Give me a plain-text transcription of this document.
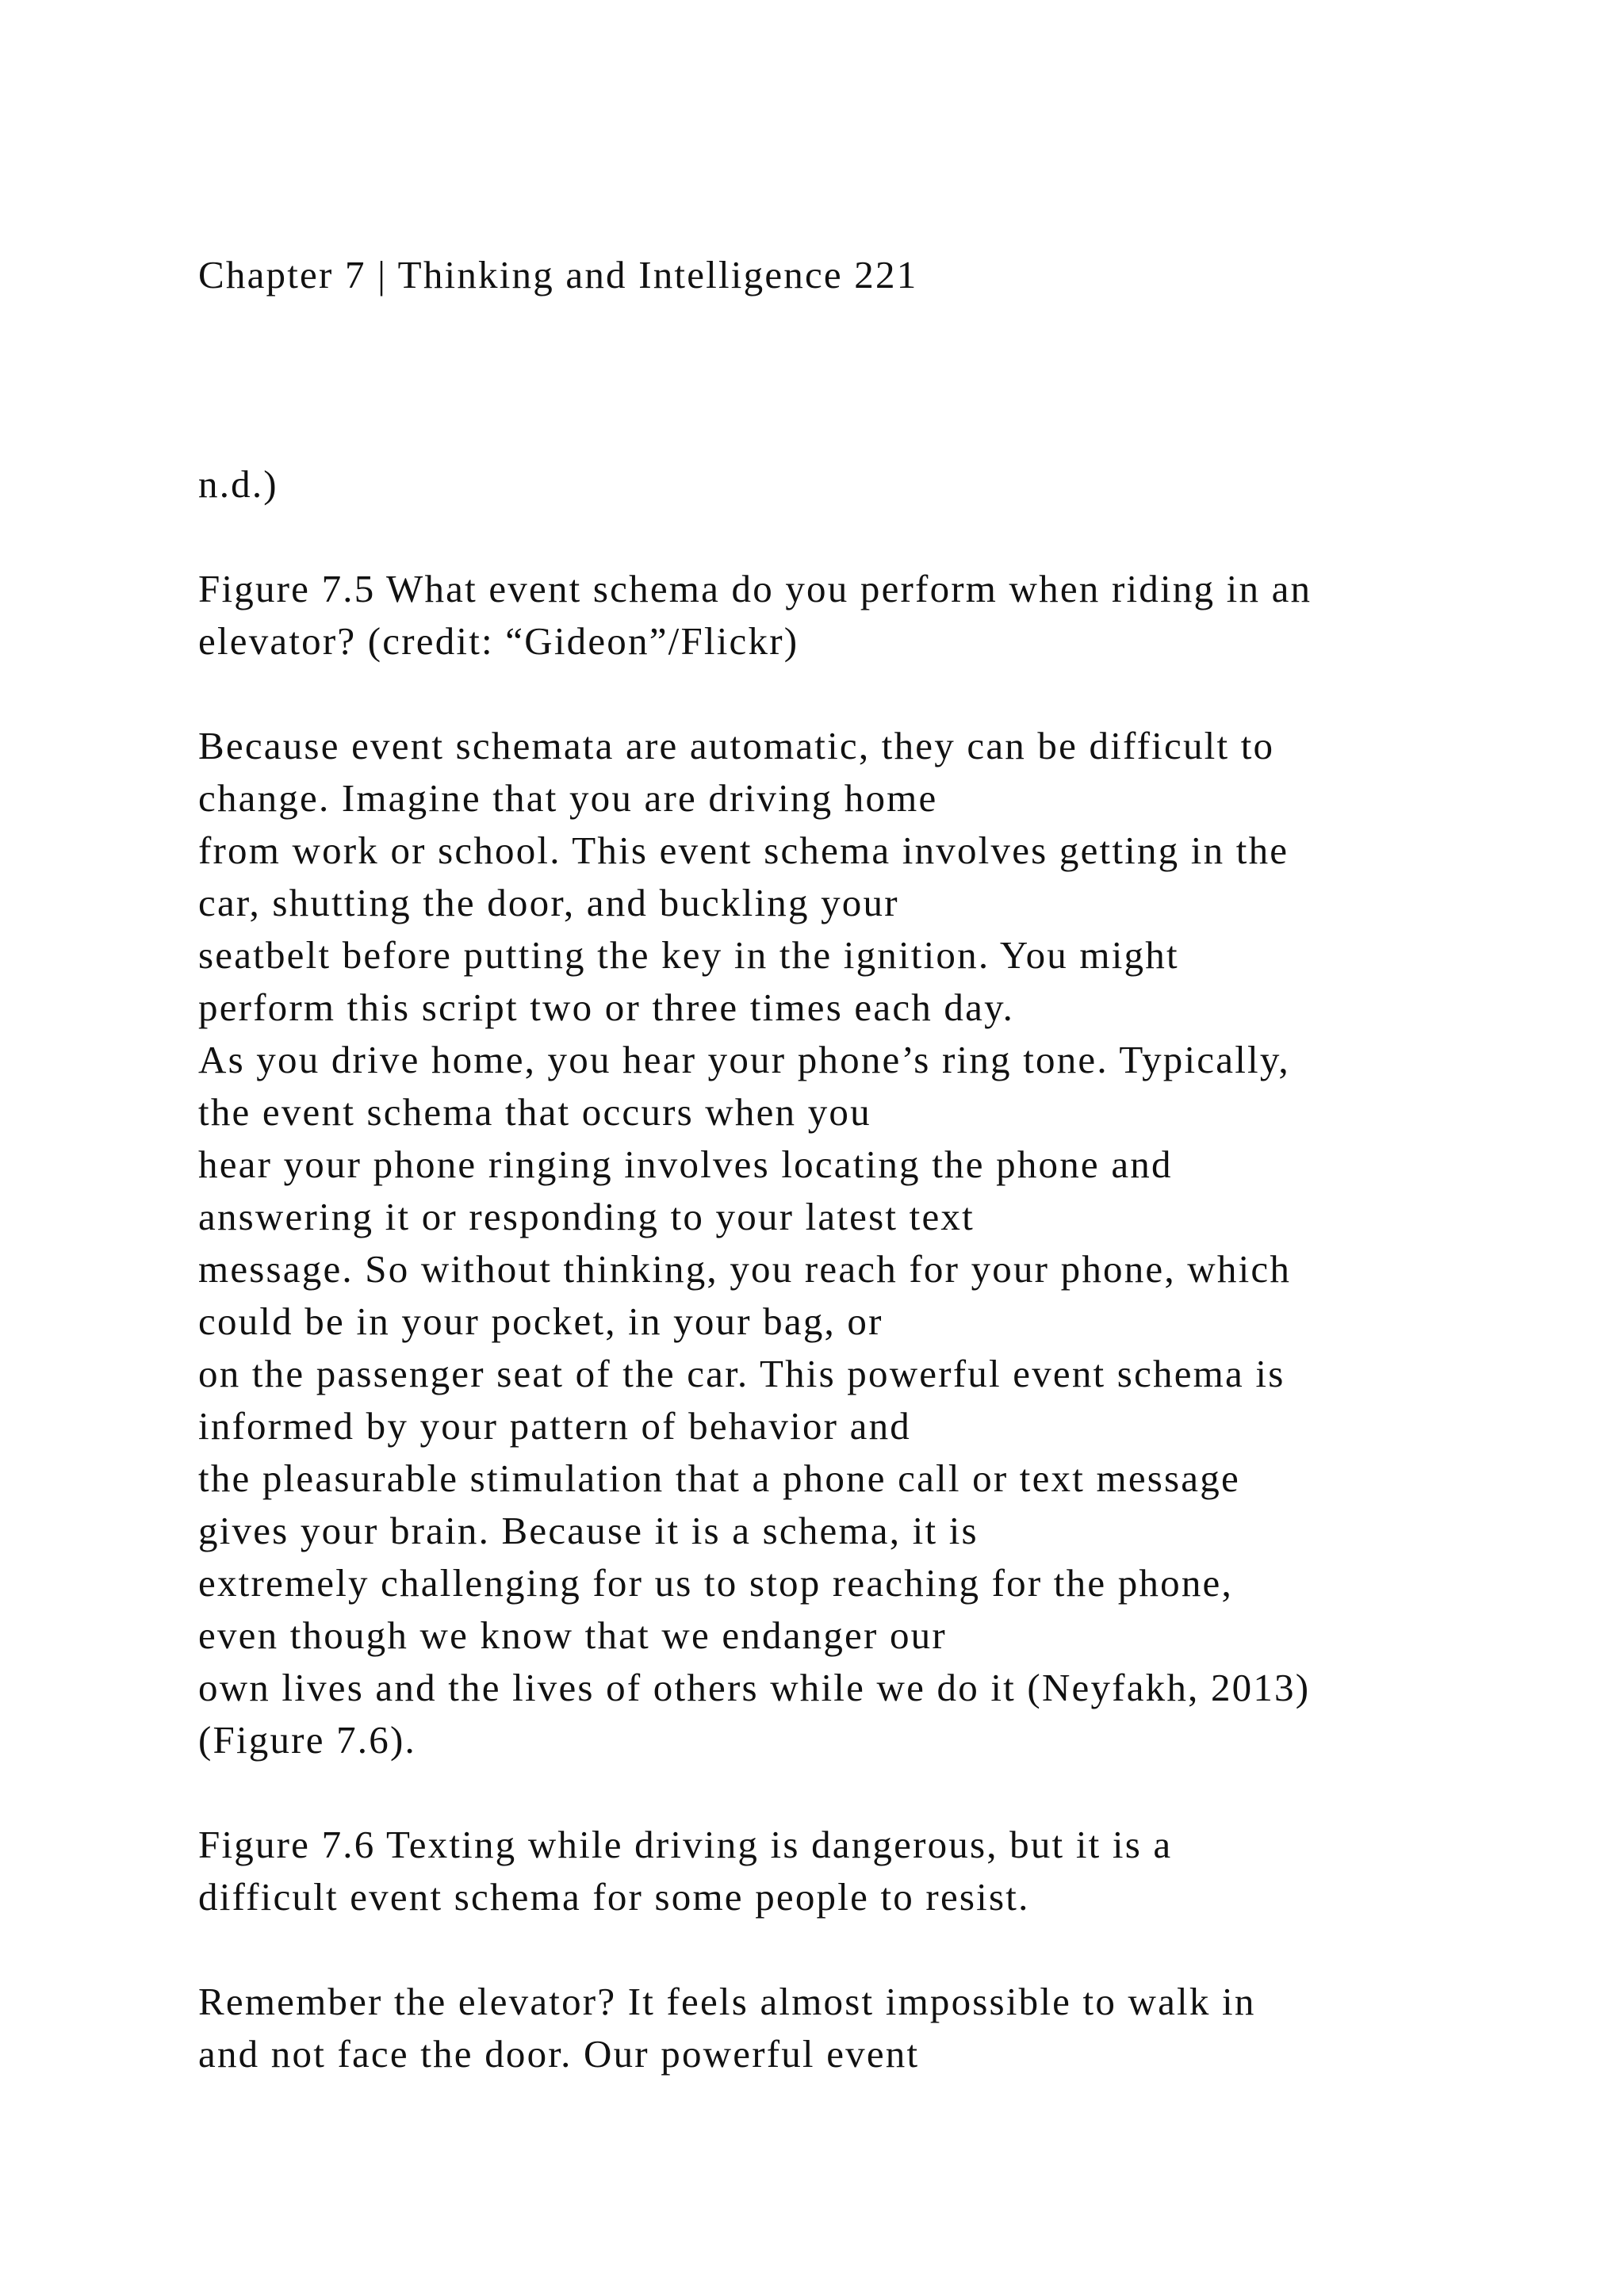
Chapter 7 | Thinking and Intelligence 221

n.d.)

Figure 7.5 What event schema do you perform when riding in an

elevator? (credit: “Gideon”/Flickr)

Because event schemata are automatic, they can be difficult to

change. Imagine that you are driving home

from work or school. This event schema involves getting in the

car, shutting the door, and buckling your

seatbelt before putting the key in the ignition. You might

perform this script two or three times each day.

As you drive home, you hear your phone’s ring tone. Typically,

the event schema that occurs when you

hear your phone ringing involves locating the phone and

answering it or responding to your latest text

message. So without thinking, you reach for your phone, which

could be in your pocket, in your bag, or

on the passenger seat of the car. This powerful event schema is

informed by your pattern of behavior and

the pleasurable stimulation that a phone call or text message

gives your brain. Because it is a schema, it is

extremely challenging for us to stop reaching for the phone,

even though we know that we endanger our

own lives and the lives of others while we do it (Neyfakh, 2013)

(Figure 7.6).

Figure 7.6 Texting while driving is dangerous, but it is a

difficult event schema for some people to resist.

Remember the elevator? It feels almost impossible to walk in

and not face the door. Our powerful event
